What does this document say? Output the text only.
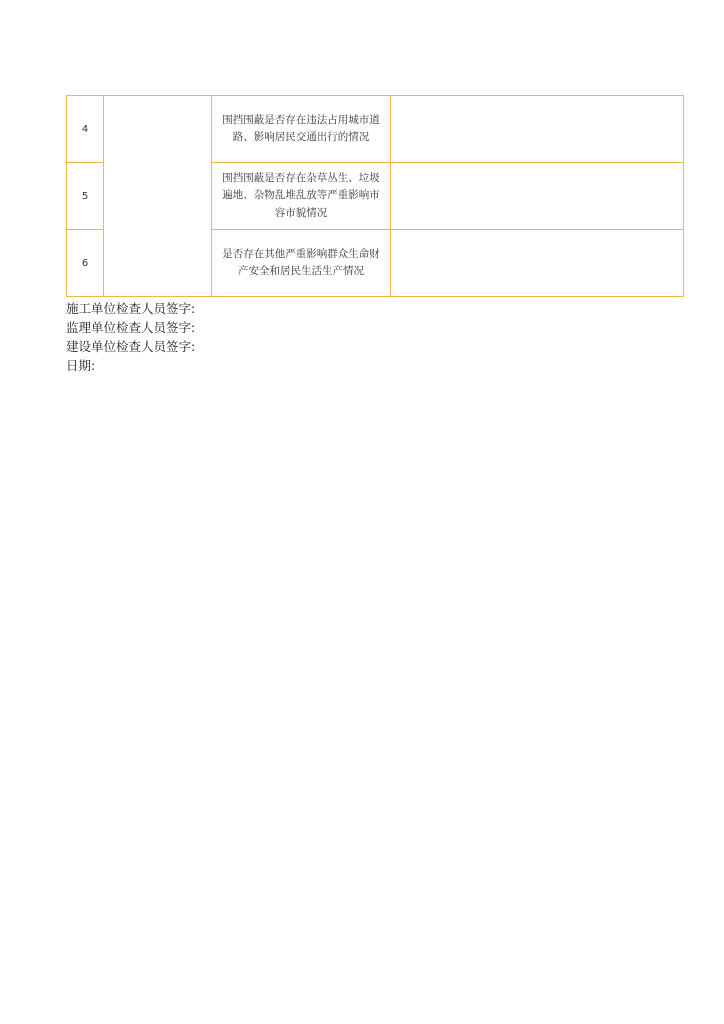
4		围挡围蔽是否存在违法占用城市道路、影响居民交通出行的情况	
5		围挡围蔽是否存在杂草丛生、垃圾遍地、杂物乱堆乱放等严重影响市容市貌情况	
6		是否存在其他严重影响群众生命财产安全和居民生活生产情况	
施工单位检查人员签字:
监理单位检查人员签字:
建设单位检查人员签字:
日期:
